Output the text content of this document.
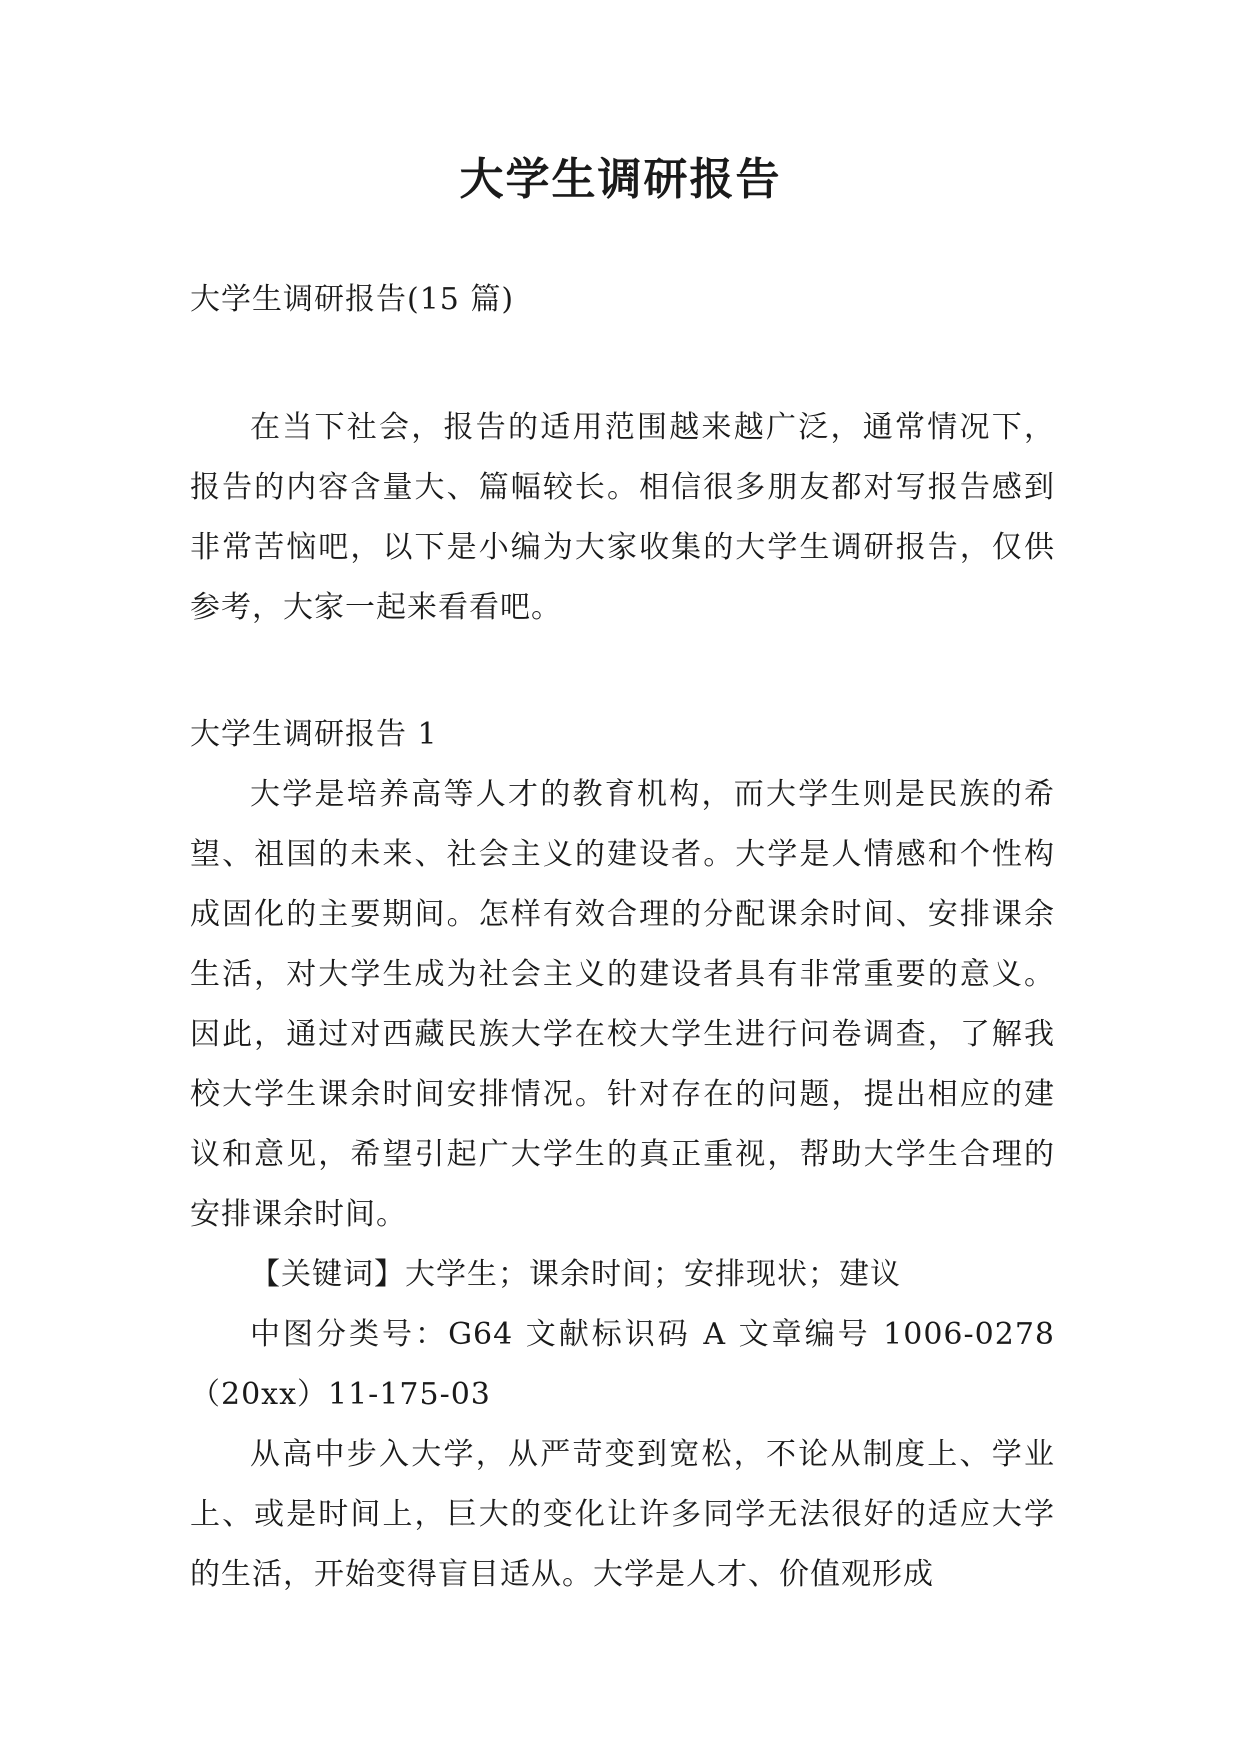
大学生调研报告
大学生调研报告(15 篇)

在当下社会，报告的适用范围越来越广泛，通常情况下，报告的内容含量大、篇幅较长。相信很多朋友都对写报告感到非常苦恼吧，以下是小编为大家收集的大学生调研报告，仅供参考，大家一起来看看吧。

大学生调研报告 1

大学是培养高等人才的教育机构，而大学生则是民族的希望、祖国的未来、社会主义的建设者。大学是人情感和个性构成固化的主要期间。怎样有效合理的分配课余时间、安排课余生活，对大学生成为社会主义的建设者具有非常重要的意义。因此，通过对西藏民族大学在校大学生进行问卷调查，了解我校大学生课余时间安排情况。针对存在的问题，提出相应的建议和意见，希望引起广大学生的真正重视，帮助大学生合理的安排课余时间。

【关键词】大学生；课余时间；安排现状；建议

中图分类号：G64 文献标识码 A 文章编号 1006-0278（20xx）11-175-03

从高中步入大学，从严苛变到宽松，不论从制度上、学业上、或是时间上，巨大的变化让许多同学无法很好的适应大学的生活，开始变得盲目适从。大学是人才、价值观形成
